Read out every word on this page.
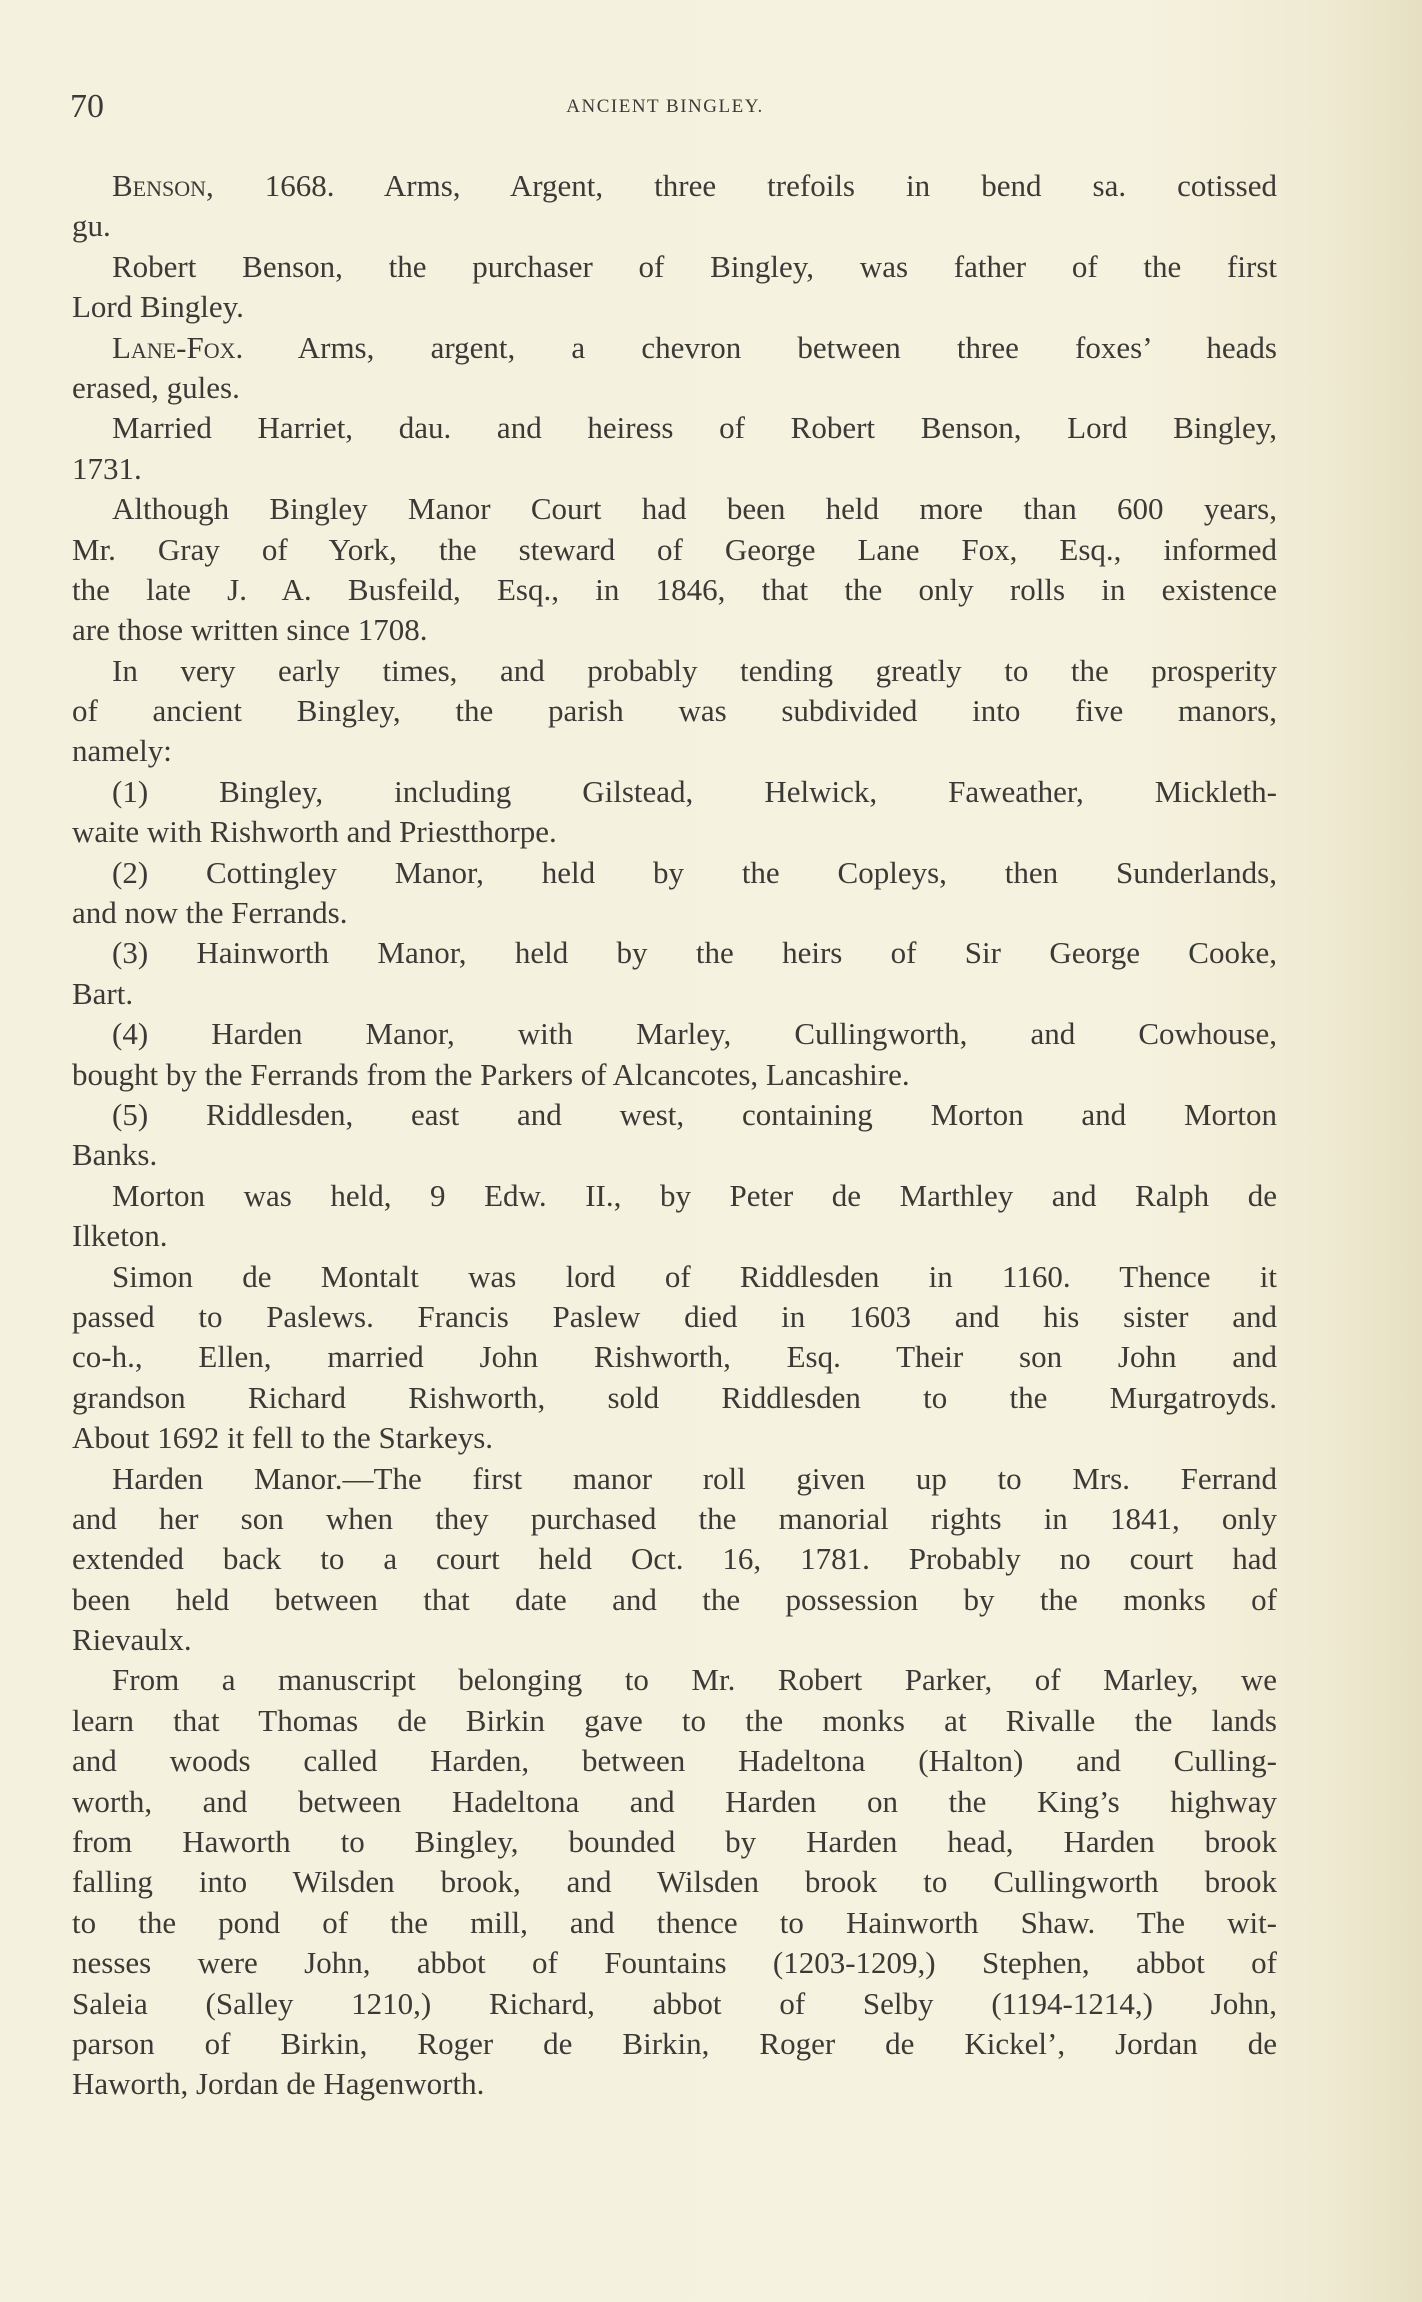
70	ANCIENT BINGLEY.
Benson, 1668. Arms, Argent, three trefoils in bend sa. cotissed
gu.
Robert Benson, the purchaser of Bingley, was father of the first
Lord Bingley.
Lane-Fox. Arms, argent, a chevron between three foxes’ heads
erased, gules.
Married Harriet, dau. and heiress of Robert Benson, Lord Bingley,
1731.
Although Bingley Manor Court had been held more than 600 years,
Mr. Gray of York, the steward of George Lane Fox, Esq., informed
the late J. A. Busfeild, Esq., in 1846, that the only rolls in existence
are those written since 1708.
In very early times, and probably tending greatly to the prosperity
of ancient Bingley, the parish was subdivided into five manors,
namely:
(1) Bingley, including Gilstead, Helwick, Faweather, Mickleth-
waite with Rishworth and Priestthorpe.
(2) Cottingley Manor, held by the Copleys, then Sunderlands,
and now the Ferrands.
(3) Hainworth Manor, held by the heirs of Sir George Cooke,
Bart.
(4) Harden Manor, with Marley, Cullingworth, and Cowhouse,
bought by the Ferrands from the Parkers of Alcancotes, Lancashire.
(5) Riddlesden, east and west, containing Morton and Morton
Banks.
Morton was held, 9 Edw. II., by Peter de Marthley and Ralph de
Ilketon.
Simon de Montalt was lord of Riddlesden in 1160. Thence it
passed to Paslews. Francis Paslew died in 1603 and his sister and
co-h., Ellen, married John Rishworth, Esq. Their son John and
grandson Richard Rishworth, sold Riddlesden to the Murgatroyds.
About 1692 it fell to the Starkeys.
Harden Manor.—The first manor roll given up to Mrs. Ferrand
and her son when they purchased the manorial rights in 1841, only
extended back to a court held Oct. 16, 1781. Probably no court had
been held between that date and the possession by the monks of
Rievaulx.
From a manuscript belonging to Mr. Robert Parker, of Marley, we
learn that Thomas de Birkin gave to the monks at Rivalle the lands
and woods called Harden, between Hadeltona (Halton) and Culling-
worth, and between Hadeltona and Harden on the King’s highway
from Haworth to Bingley, bounded by Harden head, Harden brook
falling into Wilsden brook, and Wilsden brook to Cullingworth brook
to the pond of the mill, and thence to Hainworth Shaw. The wit-
nesses were John, abbot of Fountains (1203-1209,) Stephen, abbot of
Saleia (Salley 1210,) Richard, abbot of Selby (1194-1214,) John,
parson of Birkin, Roger de Birkin, Roger de Kickel’, Jordan de
Haworth, Jordan de Hagenworth.
